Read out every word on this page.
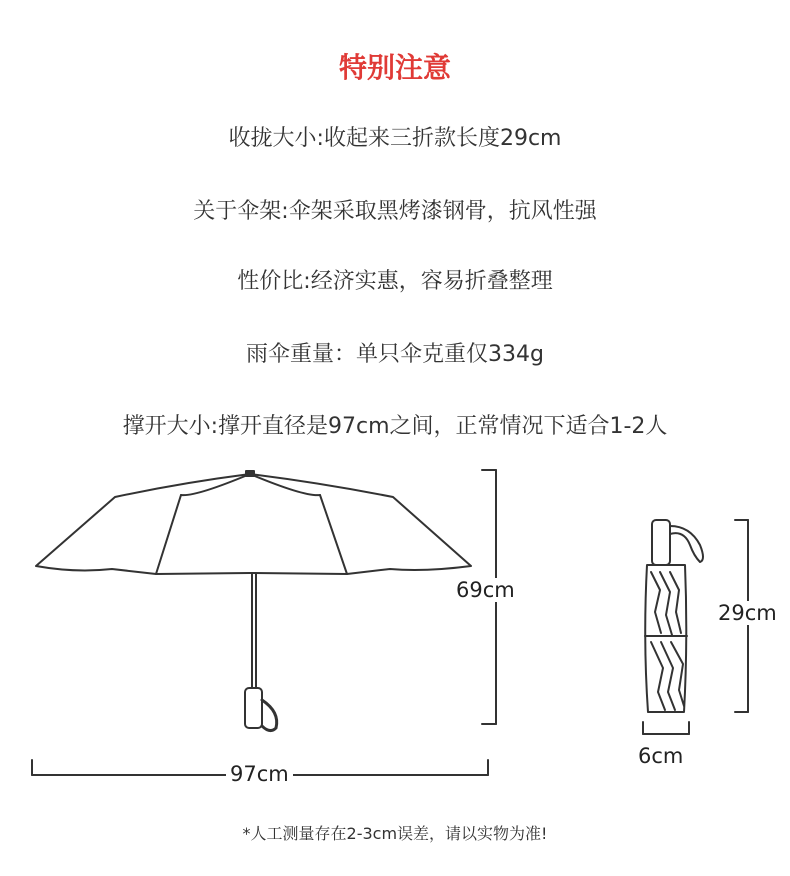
特别注意
收拢大小:收起来三折款长度29cm
关于伞架:伞架采取黑烤漆钢骨，抗风性强
性价比:经济实惠，容易折叠整理
雨伞重量：单只伞克重仅334g
撑开大小:撑开直径是97cm之间，正常情况下适合1-2人
69cm
97cm
29cm
6cm
*人工测量存在2-3cm误差，请以实物为准!
